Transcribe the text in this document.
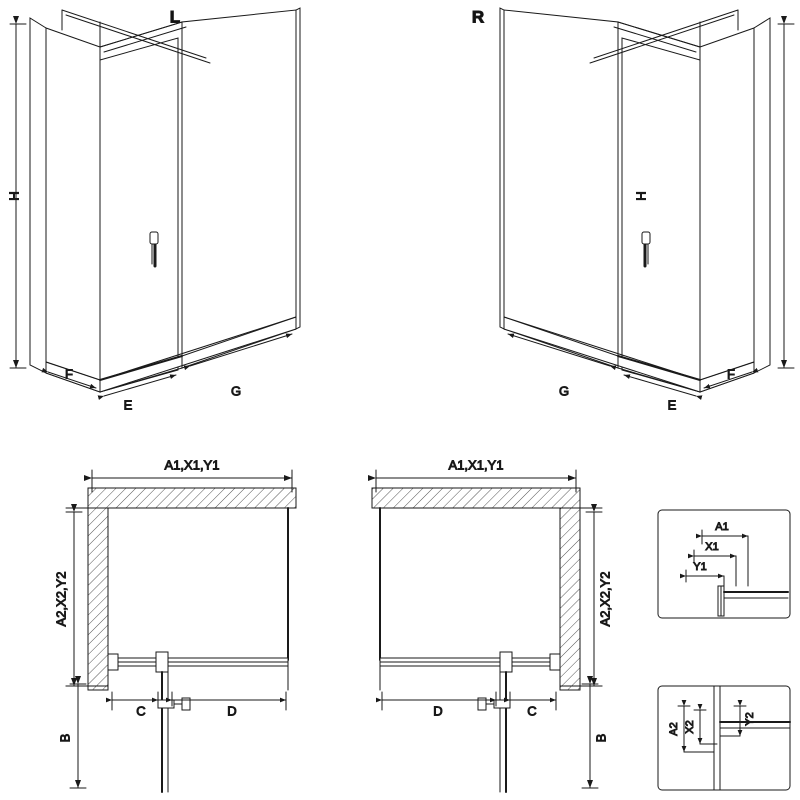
L
H
F
E
G
R
H
F
E
G
A1,X1,Y1
A2,X2,Y2
C	D
B
A1,X1,Y1
A2,X2,Y2
D	C
B
A1
X1
Y1
A2 X2
Y2
